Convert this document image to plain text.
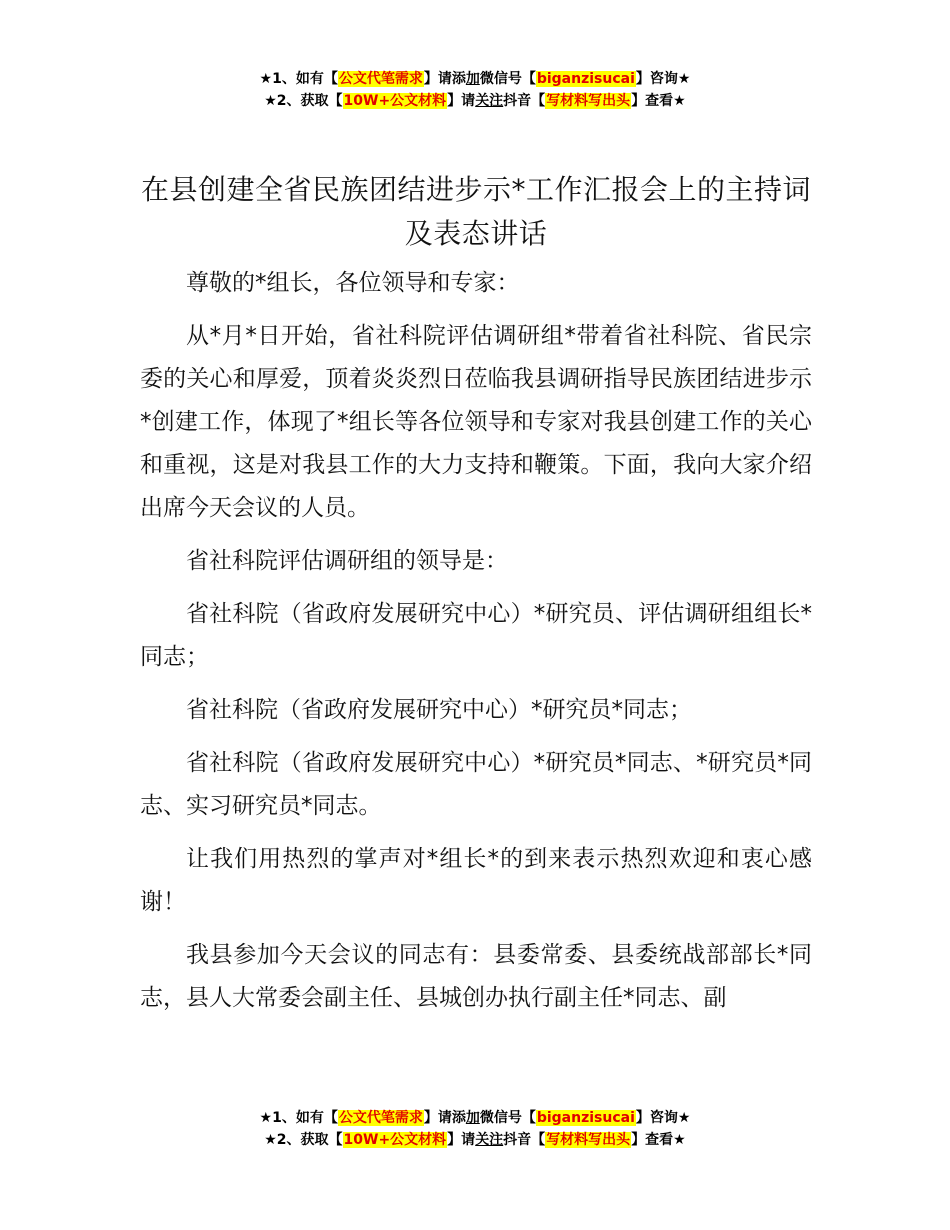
★1、如有【公文代笔需求】请添加微信号【biganzisucai】咨询★
★2、获取【10W+公文材料】请关注抖音【写材料写出头】查看★
在县创建全省民族团结进步示*工作汇报会上的主持词及表态讲话

尊敬的*组长，各位领导和专家：

从*月*日开始，省社科院评估调研组*带着省社科院、省民宗委的关心和厚爱，顶着炎炎烈日莅临我县调研指导民族团结进步示*创建工作，体现了*组长等各位领导和专家对我县创建工作的关心和重视，这是对我县工作的大力支持和鞭策。下面，我向大家介绍出席今天会议的人员。

省社科院评估调研组的领导是：

省社科院（省政府发展研究中心）*研究员、评估调研组组长*同志；

省社科院（省政府发展研究中心）*研究员*同志；

省社科院（省政府发展研究中心）*研究员*同志、*研究员*同志、实习研究员*同志。

让我们用热烈的掌声对*组长*的到来表示热烈欢迎和衷心感谢！

我县参加今天会议的同志有：县委常委、县委统战部部长*同志，县人大常委会副主任、县城创办执行副主任*同志、副

★1、如有【公文代笔需求】请添加微信号【biganzisucai】咨询★
★2、获取【10W+公文材料】请关注抖音【写材料写出头】查看★
